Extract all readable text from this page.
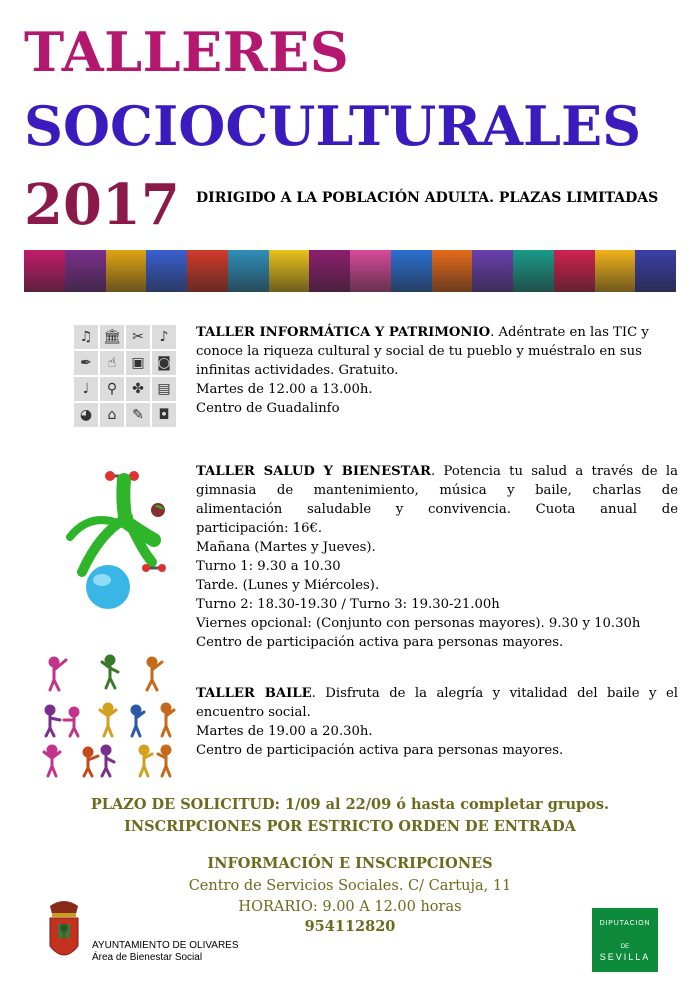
TALLERES
SOCIOCULTURALES
2017 DIRIGIDO A LA POBLACIÓN ADULTA. PLAZAS LIMITADAS
♫ 🏛 ✂	♪
✒	☝	▣ ◙
♩	⚲	✤ ▤
◕	⌂	✎	◘

TALLER INFORMÁTICA Y PATRIMONIO. Adéntrate en las TIC y

conoce la riqueza cultural y social de tu pueblo y muéstralo en sus

infinitas actividades. Gratuito.

Martes de 12.00 a 13.00h.

Centro de Guadalinfo

TALLER SALUD Y BIENESTAR. Potencia tu salud a través de la

gimnasia de mantenimiento, música y baile, charlas de

alimentación saludable y convivencia. Cuota anual de

participación: 16€.

Mañana (Martes y Jueves).

Turno 1: 9.30 a 10.30

Tarde. (Lunes y Miércoles).

Turno 2: 18.30-19.30 / Turno 3: 19.30-21.00h

Viernes opcional: (Conjunto con personas mayores). 9.30 y 10.30h

Centro de participación activa para personas mayores.

TALLER BAILE. Disfruta de la alegría y vitalidad del baile y el

encuentro social.

Martes de 19.00 a 20.30h.

Centro de participación activa para personas mayores.

PLAZO DE SOLICITUD: 1/09 al 22/09 ó hasta completar grupos.
INSCRIPCIONES POR ESTRICTO ORDEN DE ENTRADA
INFORMACIÓN E INSCRIPCIONES
Centro de Servicios Sociales. C/ Cartuja, 11
HORARIO: 9.00 A 12.00 horas
954112820
AYUNTAMIENTO DE OLIVARES
Área de Bienestar Social
DIPUTACION
DE
SEVILLA
